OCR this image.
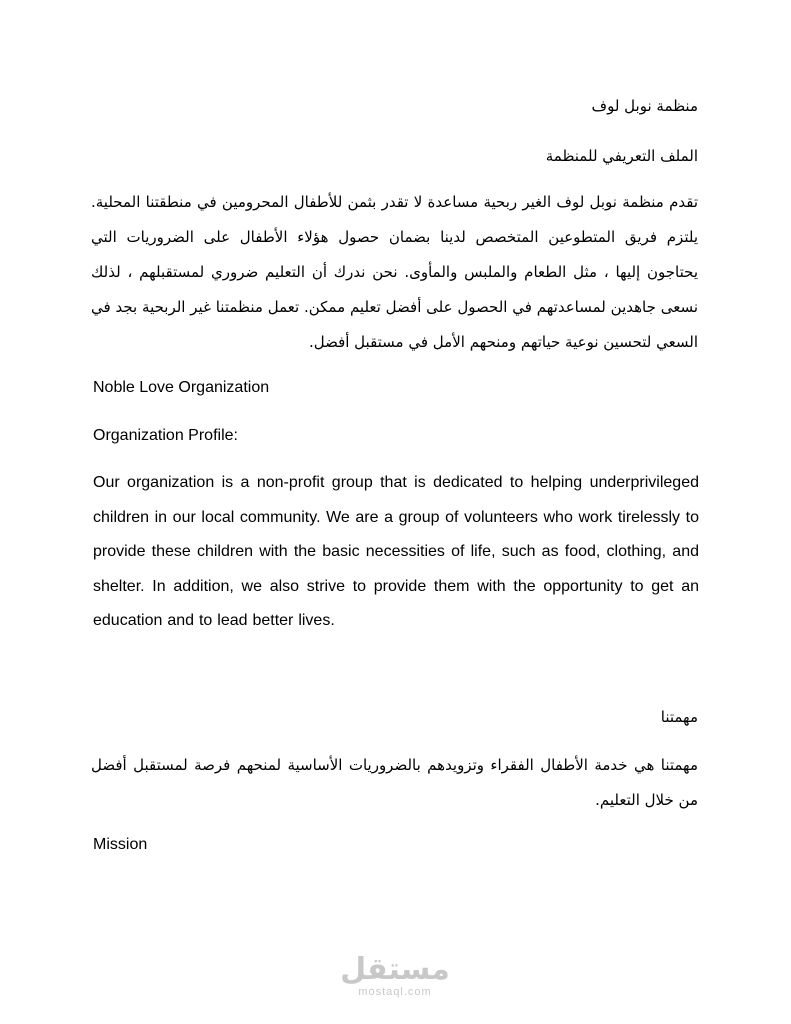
منظمة نوبل لوف
الملف التعريفي للمنظمة
تقدم منظمة نوبل لوف الغير ربحية مساعدة لا تقدر بثمن للأطفال المحرومين في منطقتنا المحلية. يلتزم فريق المتطوعين المتخصص لدينا بضمان حصول هؤلاء الأطفال على الضروريات التي يحتاجون إليها ، مثل الطعام والملبس والمأوى. نحن ندرك أن التعليم ضروري لمستقبلهم ، لذلك نسعى جاهدين لمساعدتهم في الحصول على أفضل تعليم ممكن. تعمل منظمتنا غير الربحية بجد في السعي لتحسين نوعية حياتهم ومنحهم الأمل في مستقبل أفضل.
Noble Love Organization
Organization Profile:
Our organization is a non-profit group that is dedicated to helping underprivileged children in our local community. We are a group of volunteers who work tirelessly to provide these children with the basic necessities of life, such as food, clothing, and shelter. In addition, we also strive to provide them with the opportunity to get an education and to lead better lives.
مهمتنا
مهمتنا هي خدمة الأطفال الفقراء وتزويدهم بالضروريات الأساسية لمنحهم فرصة لمستقبل أفضل من خلال التعليم.
Mission
مستقل
mostaql.com
